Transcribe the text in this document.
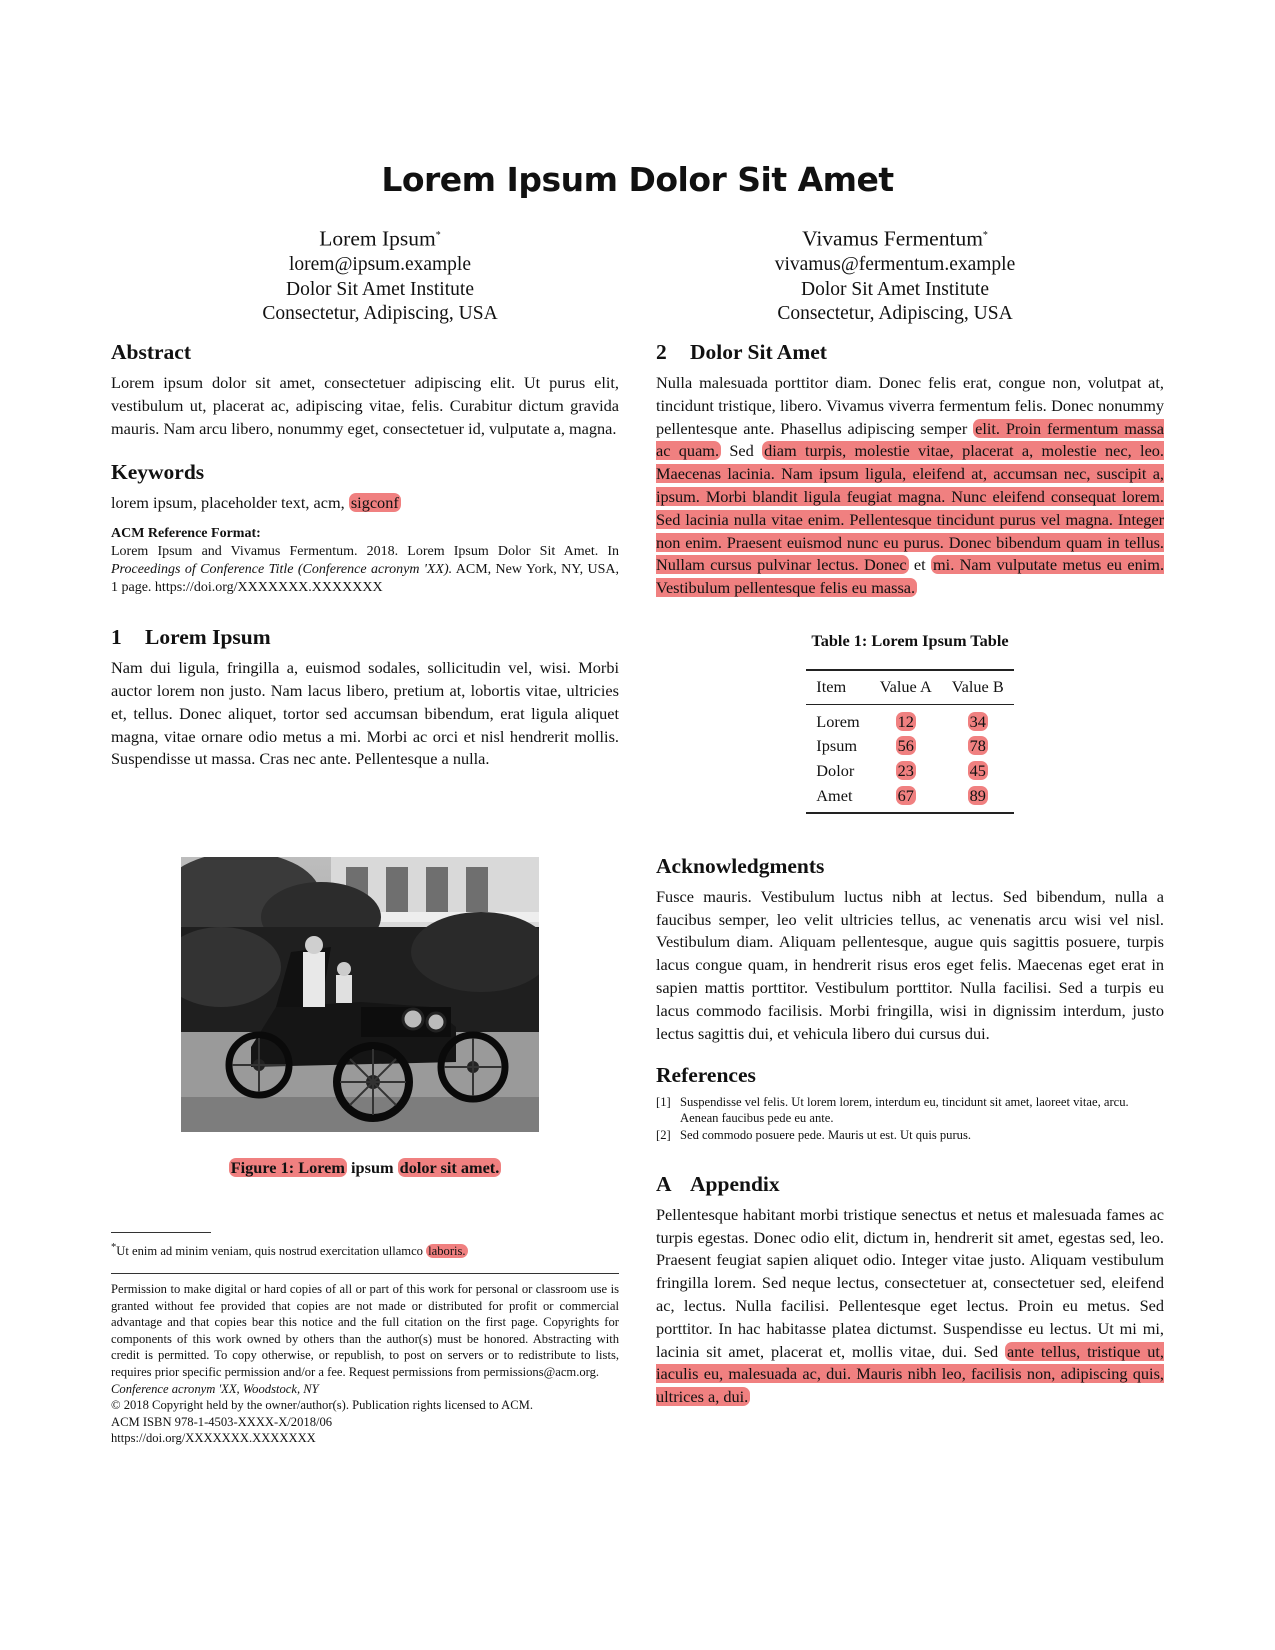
Lorem Ipsum Dolor Sit Amet
Lorem Ipsum*
lorem@ipsum.example
Dolor Sit Amet Institute
Consectetur, Adipiscing, USA
Vivamus Fermentum*
vivamus@fermentum.example
Dolor Sit Amet Institute
Consectetur, Adipiscing, USA
Abstract

Lorem ipsum dolor sit amet, consectetuer adipiscing elit. Ut purus elit, vestibulum ut, placerat ac, adipiscing vitae, felis. Curabitur dictum gravida mauris. Nam arcu libero, nonummy eget, consectetuer id, vulputate a, magna.

Keywords

lorem ipsum, placeholder text, acm, sigconf

ACM Reference Format:

Lorem Ipsum and Vivamus Fermentum. 2018. Lorem Ipsum Dolor Sit Amet. In Proceedings of Conference Title (Conference acronym 'XX). ACM, New York, NY, USA, 1 page. https://doi.org/XXXXXXX.XXXXXXX

1 Lorem Ipsum

Nam dui ligula, fringilla a, euismod sodales, sollicitudin vel, wisi. Morbi auctor lorem non justo. Nam lacus libero, pretium at, lobortis vitae, ultricies et, tellus. Donec aliquet, tortor sed accumsan bibendum, erat ligula aliquet magna, vitae ornare odio metus a mi. Morbi ac orci et nisl hendrerit mollis. Suspendisse ut massa. Cras nec ante. Pellentesque a nulla.

Figure 1: Lorem ipsum dolor sit amet.
*Ut enim ad minim veniam, quis nostrud exercitation ullamco laboris.
Permission to make digital or hard copies of all or part of this work for personal or classroom use is granted without fee provided that copies are not made or distributed for profit or commercial advantage and that copies bear this notice and the full citation on the first page. Copyrights for components of this work owned by others than the author(s) must be honored. Abstracting with credit is permitted. To copy otherwise, or republish, to post on servers or to redistribute to lists, requires prior specific permission and/or a fee. Request permissions from permissions@acm.org.
Conference acronym 'XX, Woodstock, NY
© 2018 Copyright held by the owner/author(s). Publication rights licensed to ACM.
ACM ISBN 978-1-4503-XXXX-X/2018/06
https://doi.org/XXXXXXX.XXXXXXX
2 Dolor Sit Amet

Nulla malesuada porttitor diam. Donec felis erat, congue non, volutpat at, tincidunt tristique, libero. Vivamus viverra fermentum felis. Donec nonummy pellentesque ante. Phasellus adipiscing semper elit. Proin fermentum massa ac quam. Sed diam turpis, molestie vitae, placerat a, molestie nec, leo. Maecenas lacinia. Nam ipsum ligula, eleifend at, accumsan nec, suscipit a, ipsum. Morbi blandit ligula feugiat magna. Nunc eleifend consequat lorem. Sed lacinia nulla vitae enim. Pellentesque tincidunt purus vel magna. Integer non enim. Praesent euismod nunc eu purus. Donec bibendum quam in tellus. Nullam cursus pulvinar lectus. Donec et mi. Nam vulputate metus eu enim. Vestibulum pellentesque felis eu massa.

Table 1: Lorem Ipsum Table
Item	Value A	Value B
Lorem	12	34
Ipsum	56	78
Dolor	23	45
Amet	67	89
Acknowledgments

Fusce mauris. Vestibulum luctus nibh at lectus. Sed bibendum, nulla a faucibus semper, leo velit ultricies tellus, ac venenatis arcu wisi vel nisl. Vestibulum diam. Aliquam pellentesque, augue quis sagittis posuere, turpis lacus congue quam, in hendrerit risus eros eget felis. Maecenas eget erat in sapien mattis porttitor. Vestibulum porttitor. Nulla facilisi. Sed a turpis eu lacus commodo facilisis. Morbi fringilla, wisi in dignissim interdum, justo lectus sagittis dui, et vehicula libero dui cursus dui.

References
[1] Suspendisse vel felis. Ut lorem lorem, interdum eu, tincidunt sit amet, laoreet vitae, arcu. Aenean faucibus pede eu ante.
[2] Sed commodo posuere pede. Mauris ut est. Ut quis purus.
A Appendix

Pellentesque habitant morbi tristique senectus et netus et malesuada fames ac turpis egestas. Donec odio elit, dictum in, hendrerit sit amet, egestas sed, leo. Praesent feugiat sapien aliquet odio. Integer vitae justo. Aliquam vestibulum fringilla lorem. Sed neque lectus, consectetuer at, consectetuer sed, eleifend ac, lectus. Nulla facilisi. Pellentesque eget lectus. Proin eu metus. Sed porttitor. In hac habitasse platea dictumst. Suspendisse eu lectus. Ut mi mi, lacinia sit amet, placerat et, mollis vitae, dui. Sed ante tellus, tristique ut, iaculis eu, malesuada ac, dui. Mauris nibh leo, facilisis non, adipiscing quis, ultrices a, dui.
